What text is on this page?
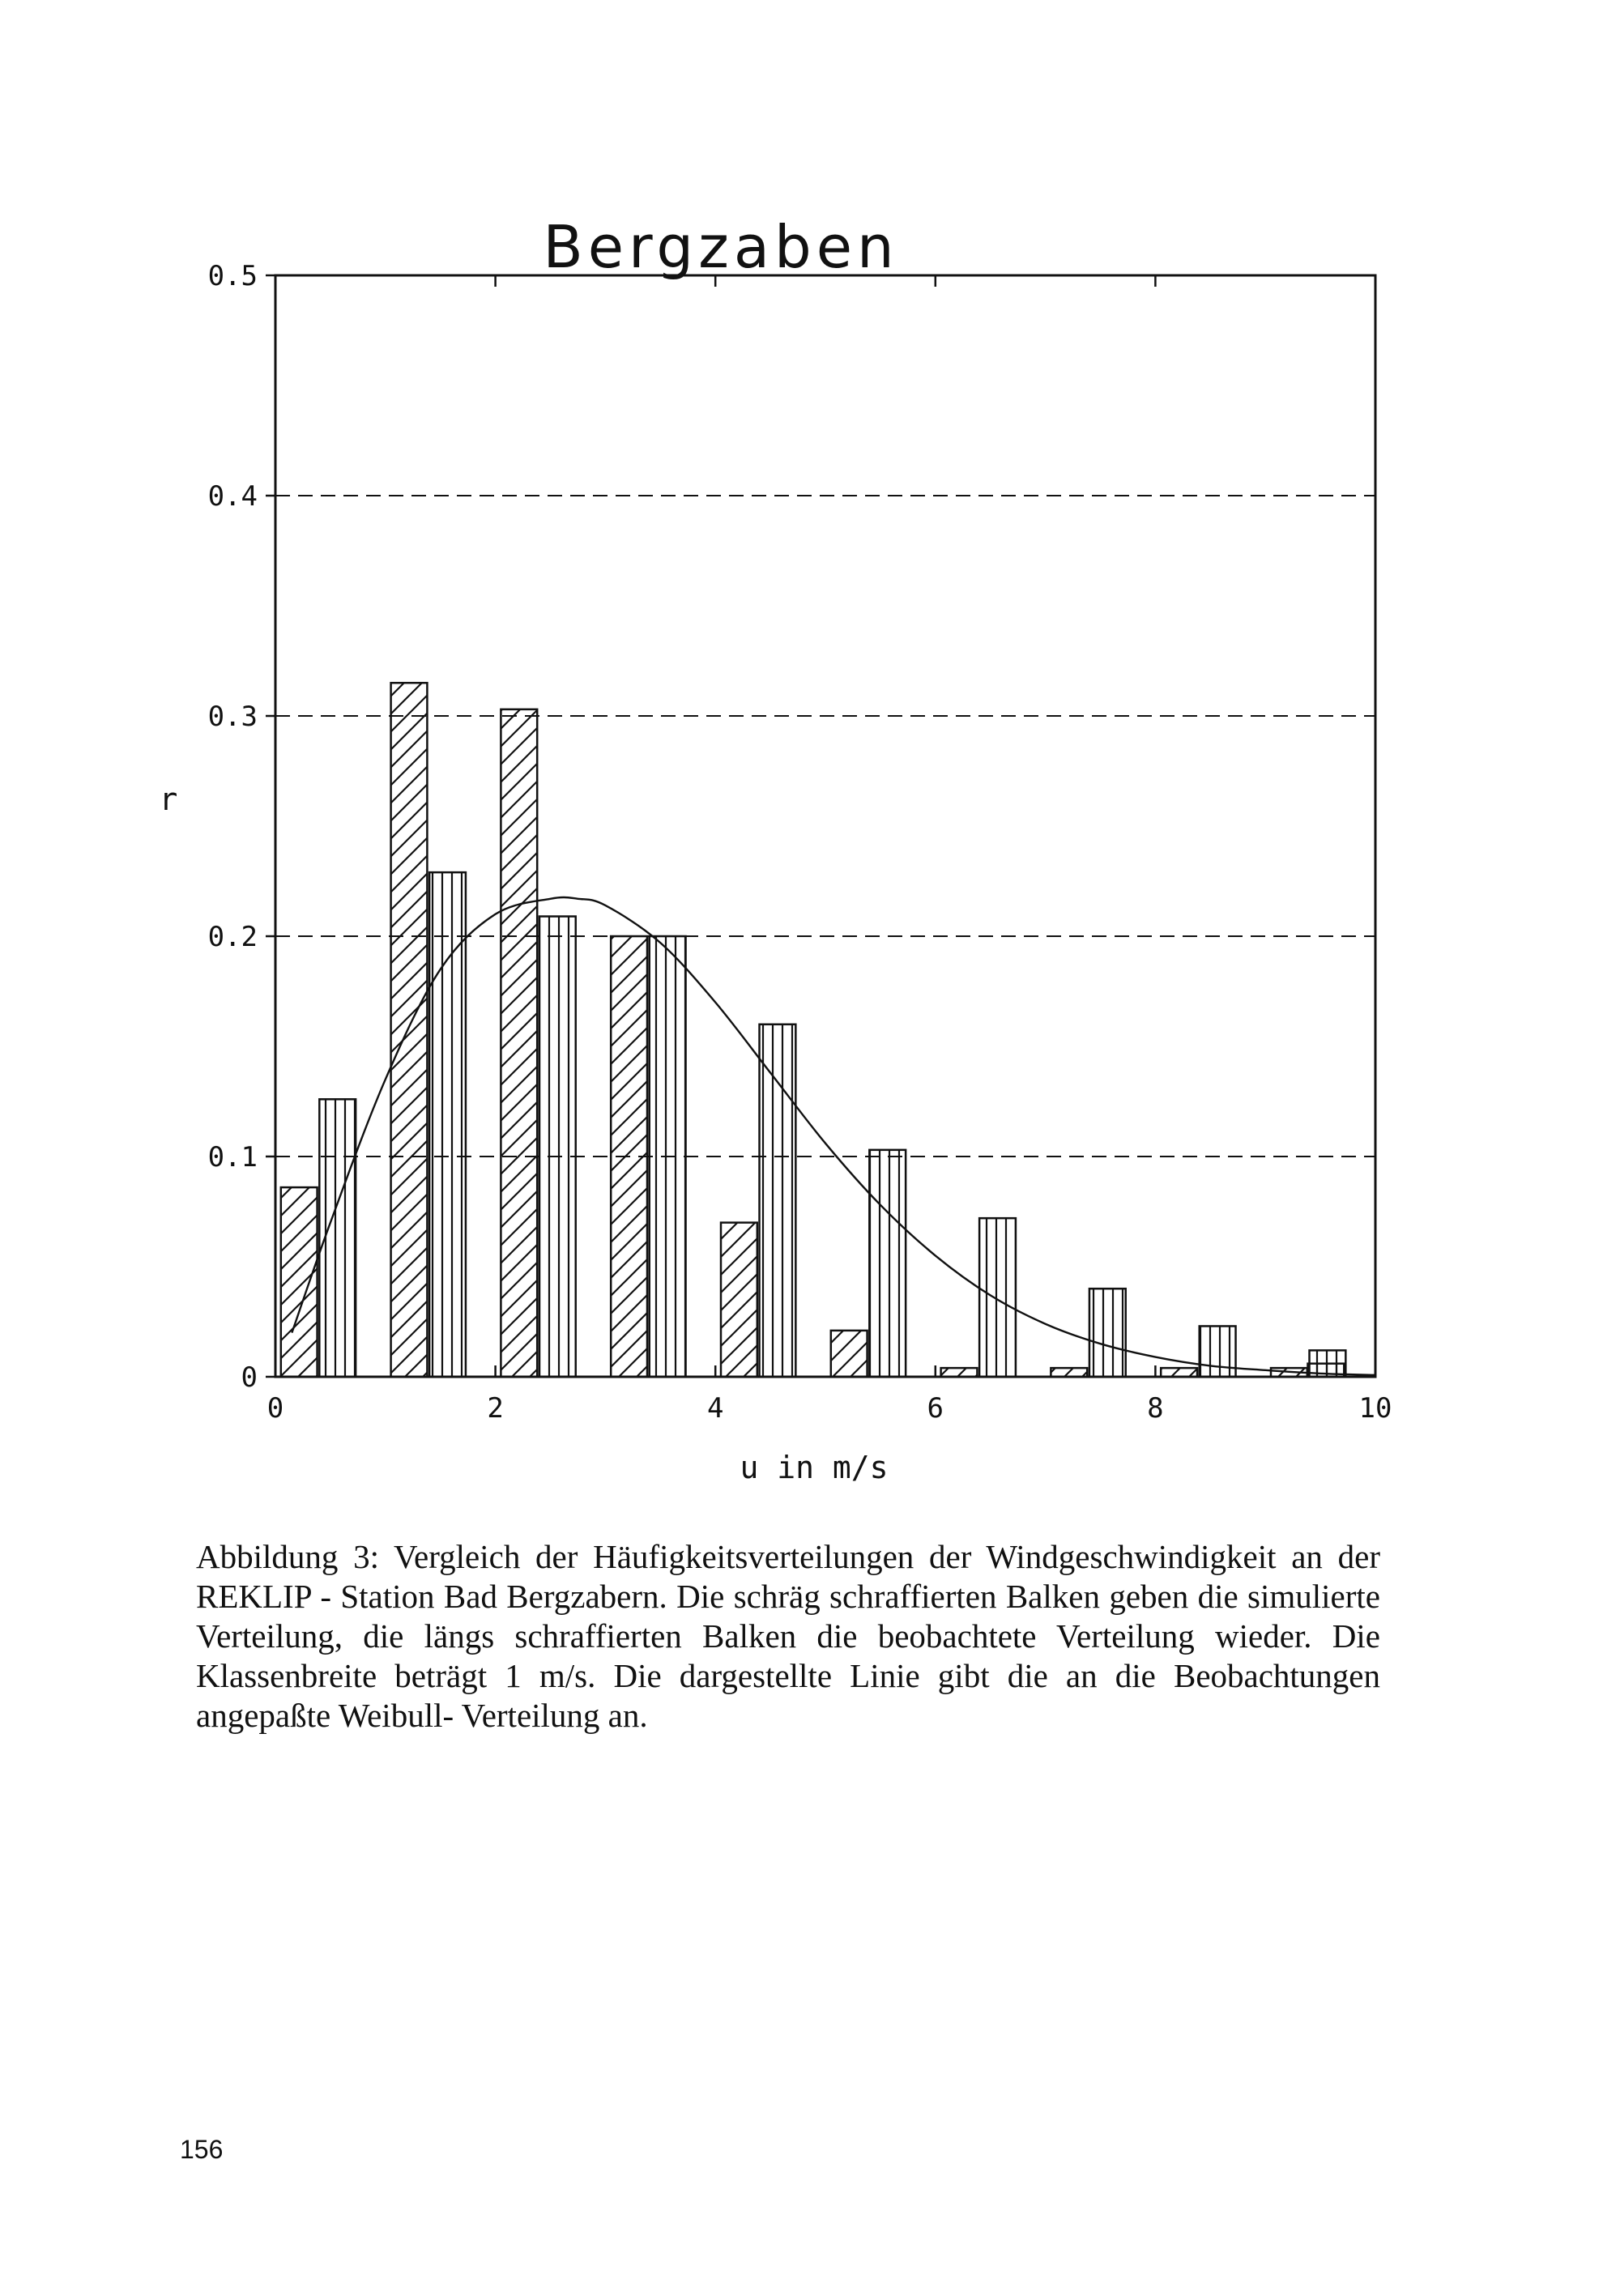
0
0.1
0.2
0.3
0.4
0.5
0	2	4	6	8	10
Bergzaben
r
u in m/s
Abbildung 3: Vergleich der Häufigkeitsverteilungen der Windgeschwindigkeit an der REKLIP - Station Bad Bergzabern. Die schräg schraffierten Balken geben die simulierte Verteilung, die längs schraffierten Balken die beobachtete Verteilung wieder. Die Klassenbreite beträgt 1 m/s. Die dargestellte Linie gibt die an die Beobachtungen angepaßte Weibull- Verteilung an.
156
